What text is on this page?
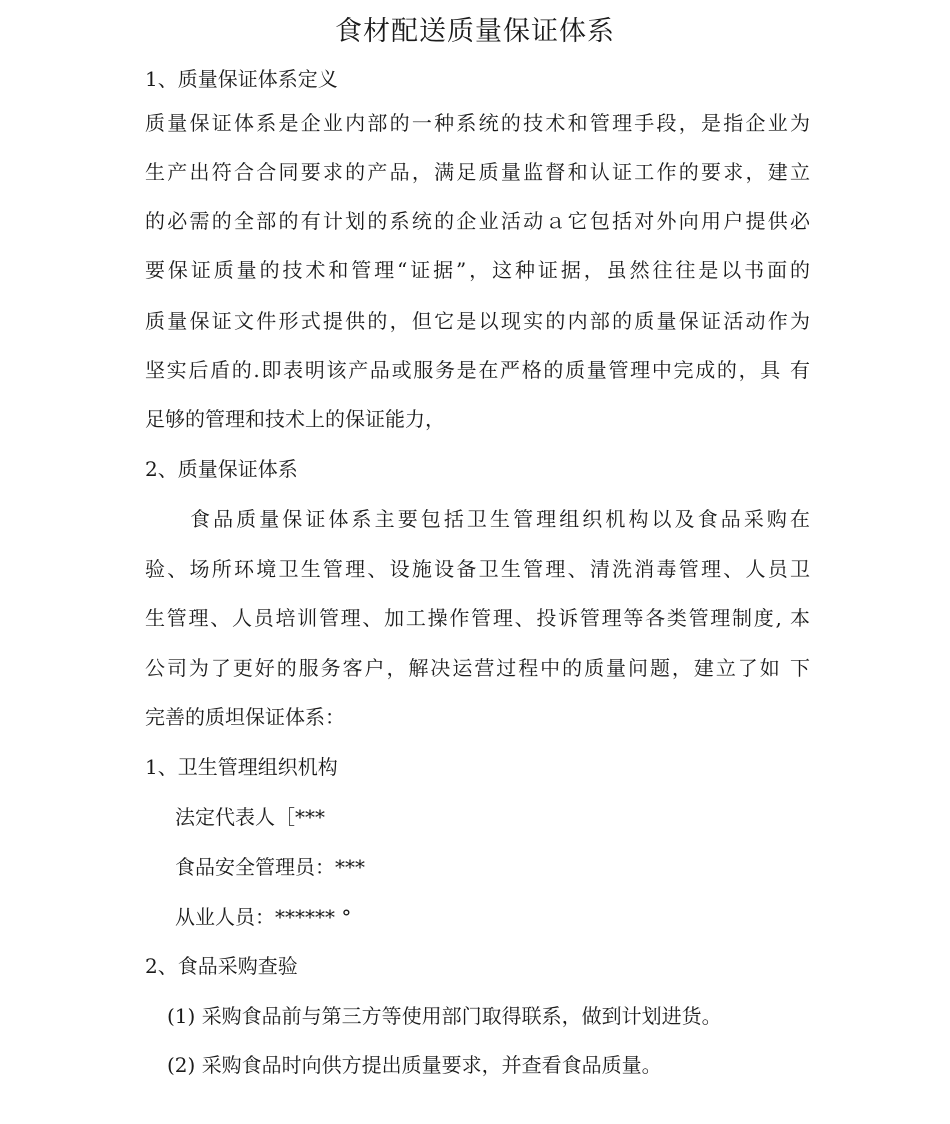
食材配送质量保证体系
1、质量保证体系定义
质量保证体系是企业内部的一种系统的技术和管理手段，是指企业为
生产出符合合同要求的产品，满足质量监督和认证工作的要求，建立
的必需的全部的有计划的系统的企业活动ａ它包括对外向用户提供必
要保证质量的技术和管理“证据”，这种证据，虽然往往是以书面的
质量保证文件形式提供的，但它是以现实的内部的质量保证活动作为
坚实后盾的.即表明该产品或服务是在严格的质量管理中完成的，具 有
足够的管理和技术上的保证能力，
2、质量保证体系
食品质量保证体系主要包括卫生管理组织机构以及食品采购在
验、场所环境卫生管理、设施设备卫生管理、清洗消毒管理、人员卫
生管理、人员培训管理、加工操作管理、投诉管理等各类管理制度, 本
公司为了更好的服务客户，解决运营过程中的质量问题，建立了如 下
完善的质坦保证体系：
1、卫生管理组织机构
法定代表人［***
食品安全管理员：***
从业人员：****** °
2、食品采购查验
(1) 采购食品前与第三方等使用部门取得联系，做到计划进货。
(2) 采购食品时向供方提出质量要求，并查看食品质量。
